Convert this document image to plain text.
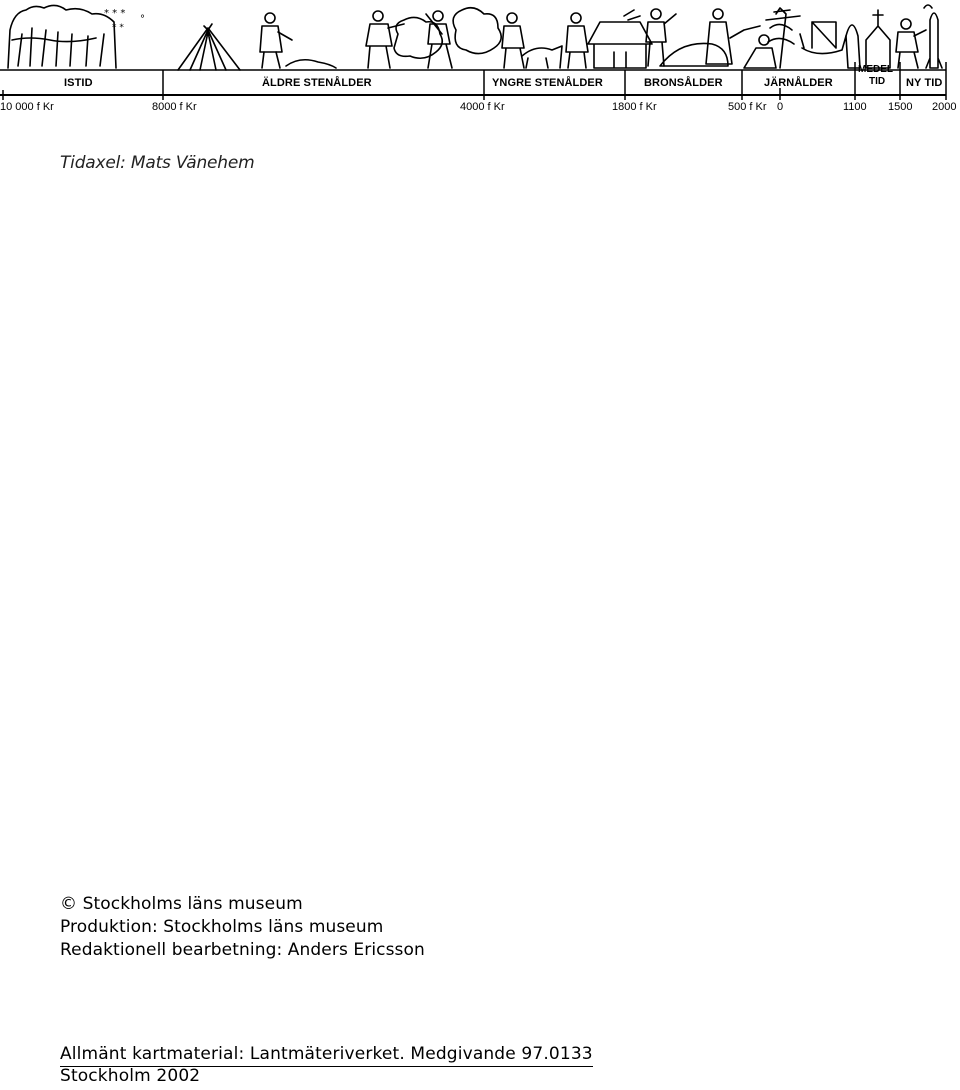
* * *
* *
°
ISTID	ÄLDRE STENÅLDER	YNGRE STENÅLDER	BRONSÅLDER	JÄRNÅLDER
MEDEL
TID NY TID
10 000 f Kr	8000 f Kr	4000 f Kr	1800 f Kr	500 f Kr 0	1100 1500 2000
Tidaxel: Mats Vänehem
© Stockholms läns museum
Produktion: Stockholms läns museum
Redaktionell bearbetning: Anders Ericsson
Allmänt kartmaterial: Lantmäteriverket. Medgivande 97.0133
Stockholm 2002
